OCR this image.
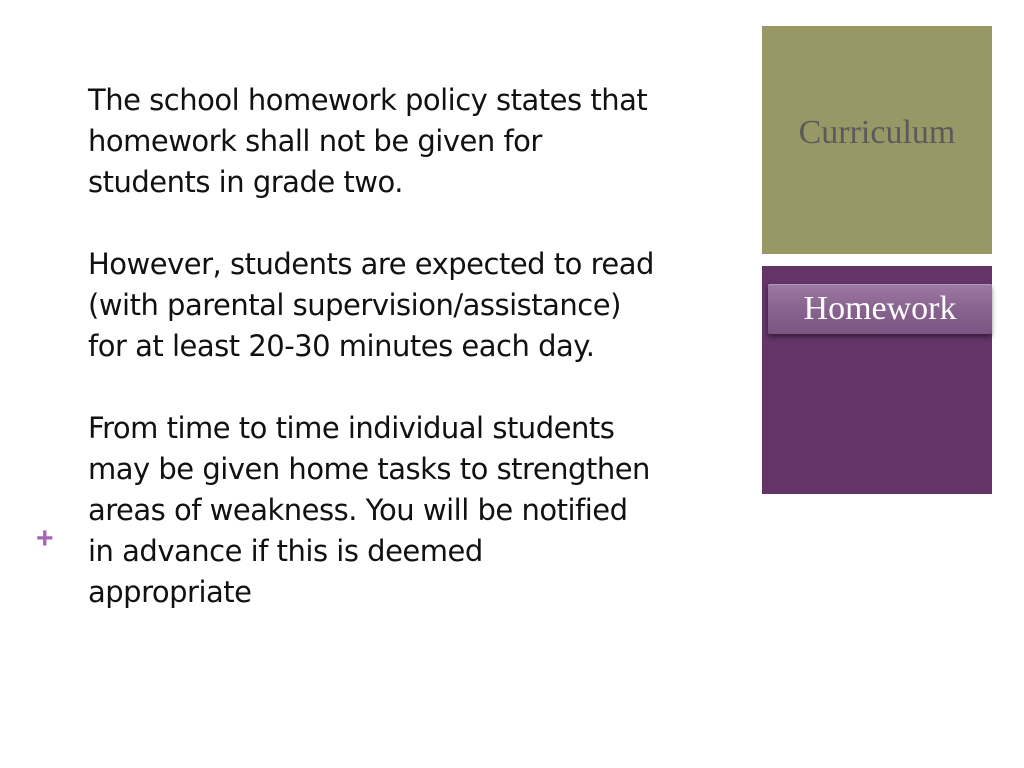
The school homework policy states that
homework shall not be given for
students in grade two.

However, students are expected to read
(with parental supervision/assistance)
for at least 20-30 minutes each day.

From time to time individual students
may be given home tasks to strengthen
areas of weakness. You will be notified
in advance if this is deemed
appropriate

+
Curriculum
Homework
